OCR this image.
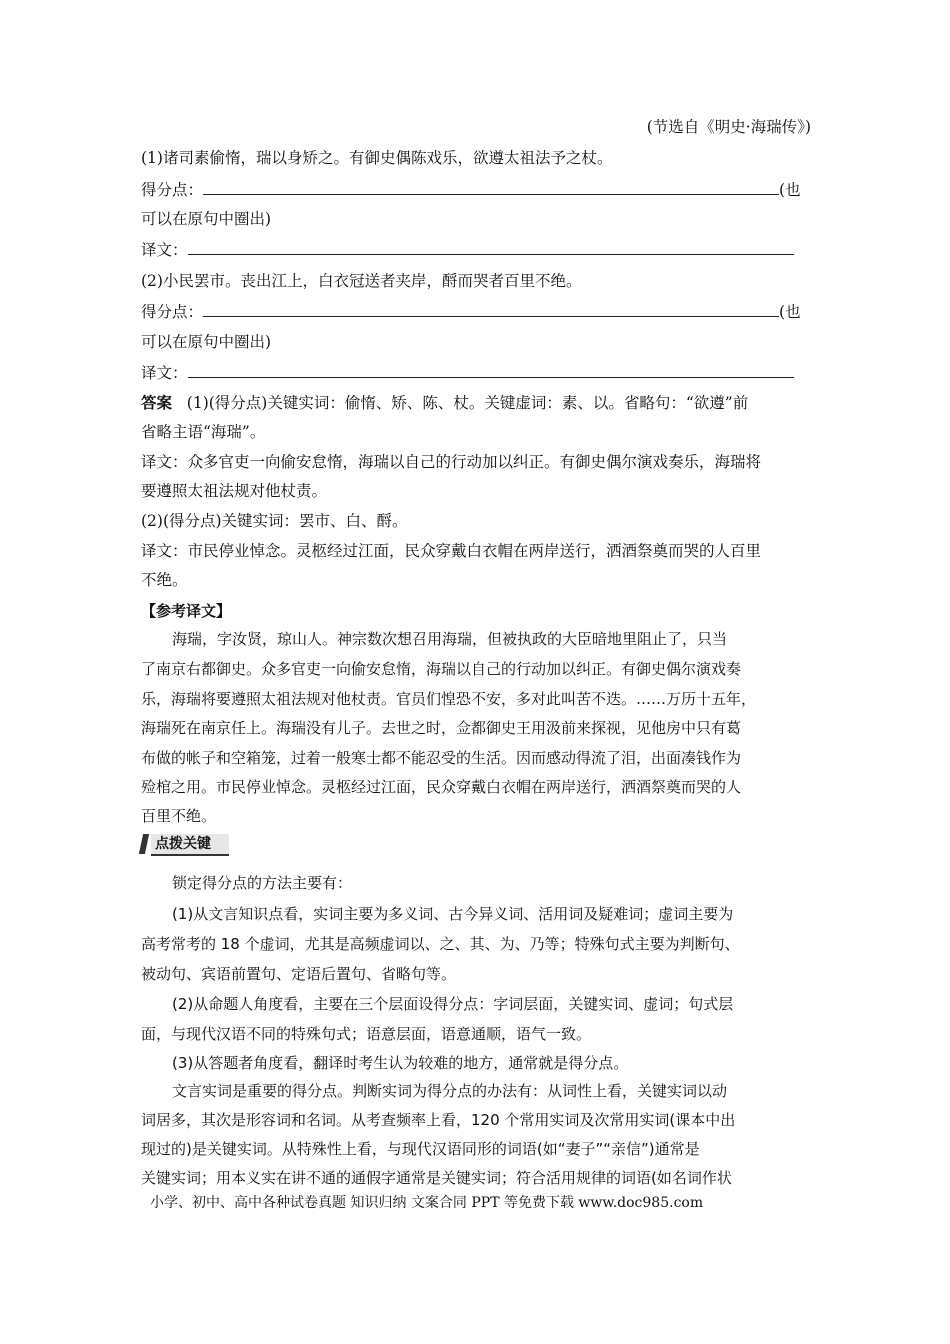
(节选自《明史·海瑞传》)
(1)诸司素偷惰，瑞以身矫之。有御史偶陈戏乐，欲遵太祖法予之杖。
得分点：	(也
可以在原句中圈出)
译文：
(2)小民罢市。丧出江上，白衣冠送者夹岸，酹而哭者百里不绝。
得分点：	(也
可以在原句中圈出)
译文：
答案 (1)(得分点)关键实词：偷惰、矫、陈、杖。关键虚词：素、以。省略句：“欲遵”前
省略主语“海瑞”。
译文：众多官吏一向偷安怠惰，海瑞以自己的行动加以纠正。有御史偶尔演戏奏乐，海瑞将
要遵照太祖法规对他杖责。
(2)(得分点)关键实词：罢市、白、酹。
译文：市民停业悼念。灵柩经过江面，民众穿戴白衣帽在两岸送行，洒酒祭奠而哭的人百里
不绝。
【参考译文】
海瑞，字汝贤，琼山人。神宗数次想召用海瑞，但被执政的大臣暗地里阻止了，只当
了南京右都御史。众多官吏一向偷安怠惰，海瑞以自己的行动加以纠正。有御史偶尔演戏奏
乐，海瑞将要遵照太祖法规对他杖责。官员们惶恐不安，多对此叫苦不迭。……万历十五年，
海瑞死在南京任上。海瑞没有儿子。去世之时，佥都御史王用汲前来探视，见他房中只有葛
布做的帐子和空箱笼，过着一般寒士都不能忍受的生活。因而感动得流了泪，出面凑钱作为
殓棺之用。市民停业悼念。灵柩经过江面，民众穿戴白衣帽在两岸送行，洒酒祭奠而哭的人
百里不绝。
点拨关键
锁定得分点的方法主要有：
(1)从文言知识点看，实词主要为多义词、古今异义词、活用词及疑难词；虚词主要为
高考常考的 18 个虚词，尤其是高频虚词以、之、其、为、乃等；特殊句式主要为判断句、
被动句、宾语前置句、定语后置句、省略句等。
(2)从命题人角度看，主要在三个层面设得分点：字词层面，关键实词、虚词；句式层
面，与现代汉语不同的特殊句式；语意层面，语意通顺，语气一致。
(3)从答题者角度看，翻译时考生认为较难的地方，通常就是得分点。
文言实词是重要的得分点。判断实词为得分点的办法有：从词性上看，关键实词以动
词居多，其次是形容词和名词。从考查频率上看，120 个常用实词及次常用实词(课本中出
现过的)是关键实词。从特殊性上看，与现代汉语同形的词语(如“妻子”“亲信”)通常是
关键实词；用本义实在讲不通的通假字通常是关键实词；符合活用规律的词语(如名词作状
小学、初中、高中各种试卷真题 知识归纳 文案合同 PPT 等免费下载 www.doc985.com
